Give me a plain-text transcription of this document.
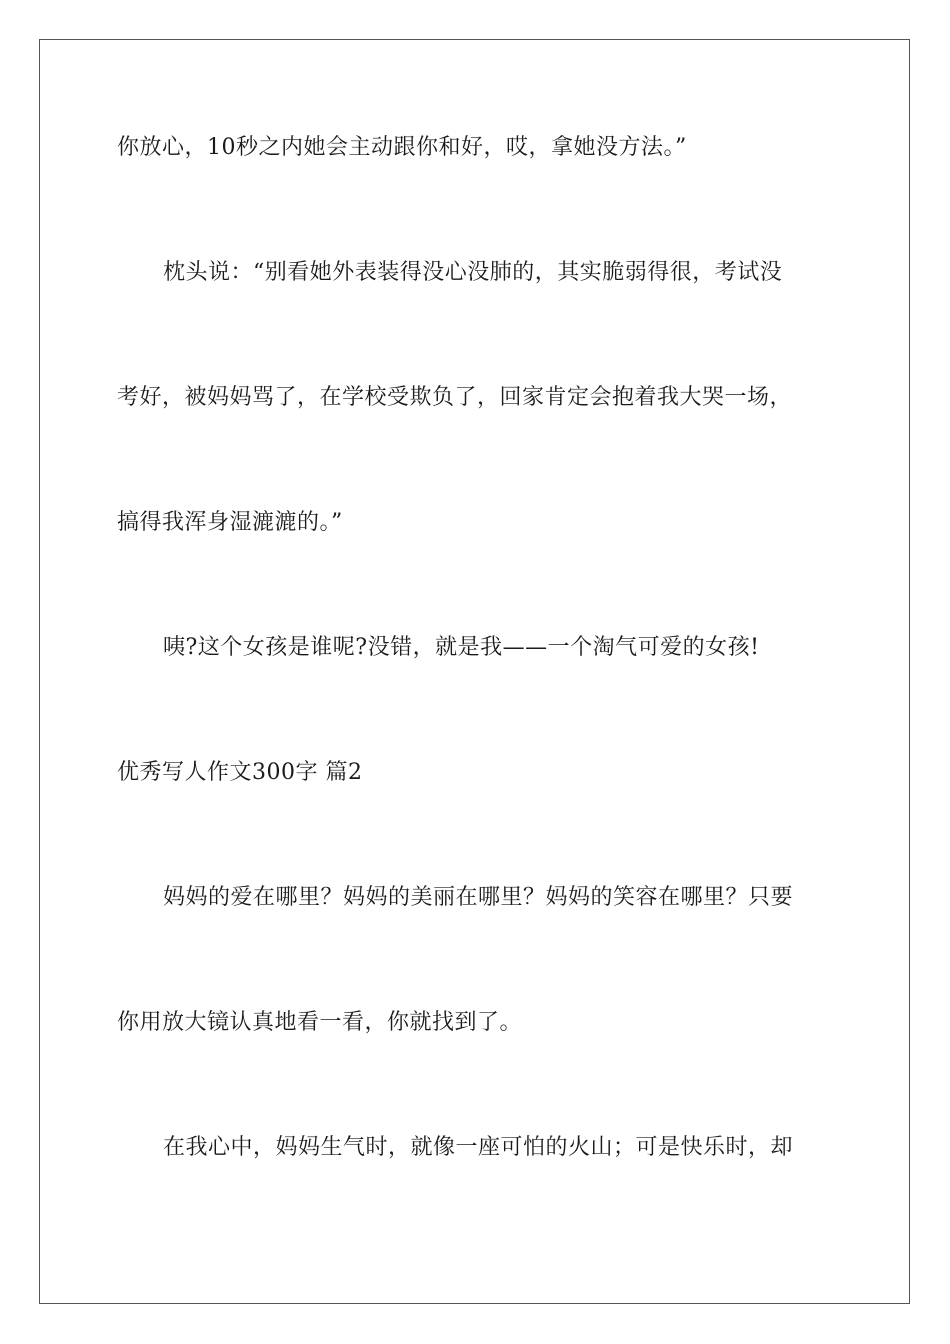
你放心，10秒之内她会主动跟你和好，哎，拿她没方法。”
枕头说：“别看她外表装得没心没肺的，其实脆弱得很，考试没
考好，被妈妈骂了，在学校受欺负了，回家肯定会抱着我大哭一场，
搞得我浑身湿漉漉的。”
咦?这个女孩是谁呢?没错，就是我——一个淘气可爱的女孩!
优秀写人作文300字 篇2
妈妈的爱在哪里？妈妈的美丽在哪里？妈妈的笑容在哪里？只要
你用放大镜认真地看一看，你就找到了。
在我心中，妈妈生气时，就像一座可怕的火山；可是快乐时，却
